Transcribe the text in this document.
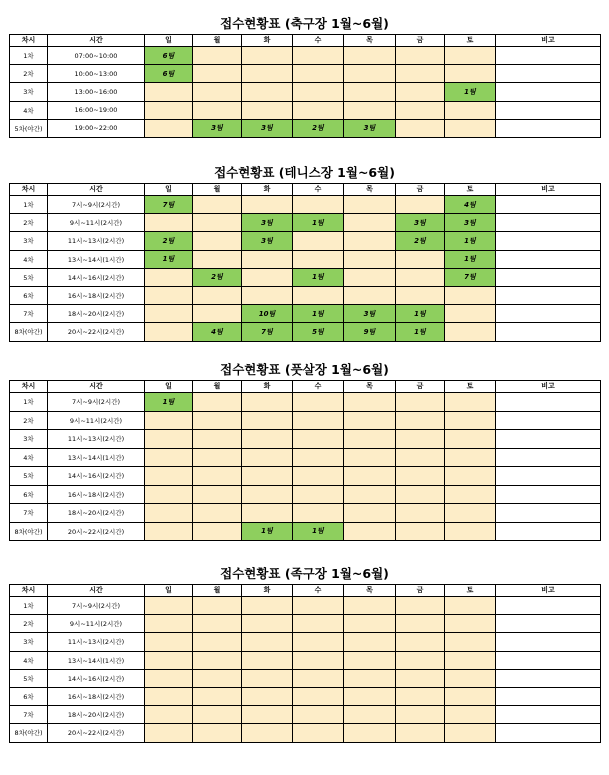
접수현황표 (축구장 1월~6월)
차시	시간	일	월	화	수	목	금	토	비고
1차	07:00~10:00	6팀							
2차	10:00~13:00	6팀							
3차	13:00~16:00							1팀	
4차	16:00~19:00								
5차(야간)	19:00~22:00		3팀	3팀	2팀	3팀			
접수현황표 (테니스장 1월~6월)
차시	시간	일	월	화	수	목	금	토	비고
1차	7시~9시(2시간)	7팀						4팀	
2차	9시~11시(2시간)			3팀	1팀		3팀	3팀	
3차	11시~13시(2시간)	2팀		3팀			2팀	1팀	
4차	13시~14시(1시간)	1팀						1팀	
5차	14시~16시(2시간)		2팀		1팀			7팀	
6차	16시~18시(2시간)								
7차	18시~20시(2시간)			10팀	1팀	3팀	1팀		
8차(야간)	20시~22시(2시간)		4팀	7팀	5팀	9팀	1팀		
접수현황표 (풋살장 1월~6월)
차시	시간	일	월	화	수	목	금	토	비고
1차	7시~9시(2시간)	1팀							
2차	9시~11시(2시간)								
3차	11시~13시(2시간)								
4차	13시~14시(1시간)								
5차	14시~16시(2시간)								
6차	16시~18시(2시간)								
7차	18시~20시(2시간)								
8차(야간)	20시~22시(2시간)			1팀	1팀				
접수현황표 (족구장 1월~6월)
차시	시간	일	월	화	수	목	금	토	비고
1차	7시~9시(2시간)								
2차	9시~11시(2시간)								
3차	11시~13시(2시간)								
4차	13시~14시(1시간)								
5차	14시~16시(2시간)								
6차	16시~18시(2시간)								
7차	18시~20시(2시간)								
8차(야간)	20시~22시(2시간)								
